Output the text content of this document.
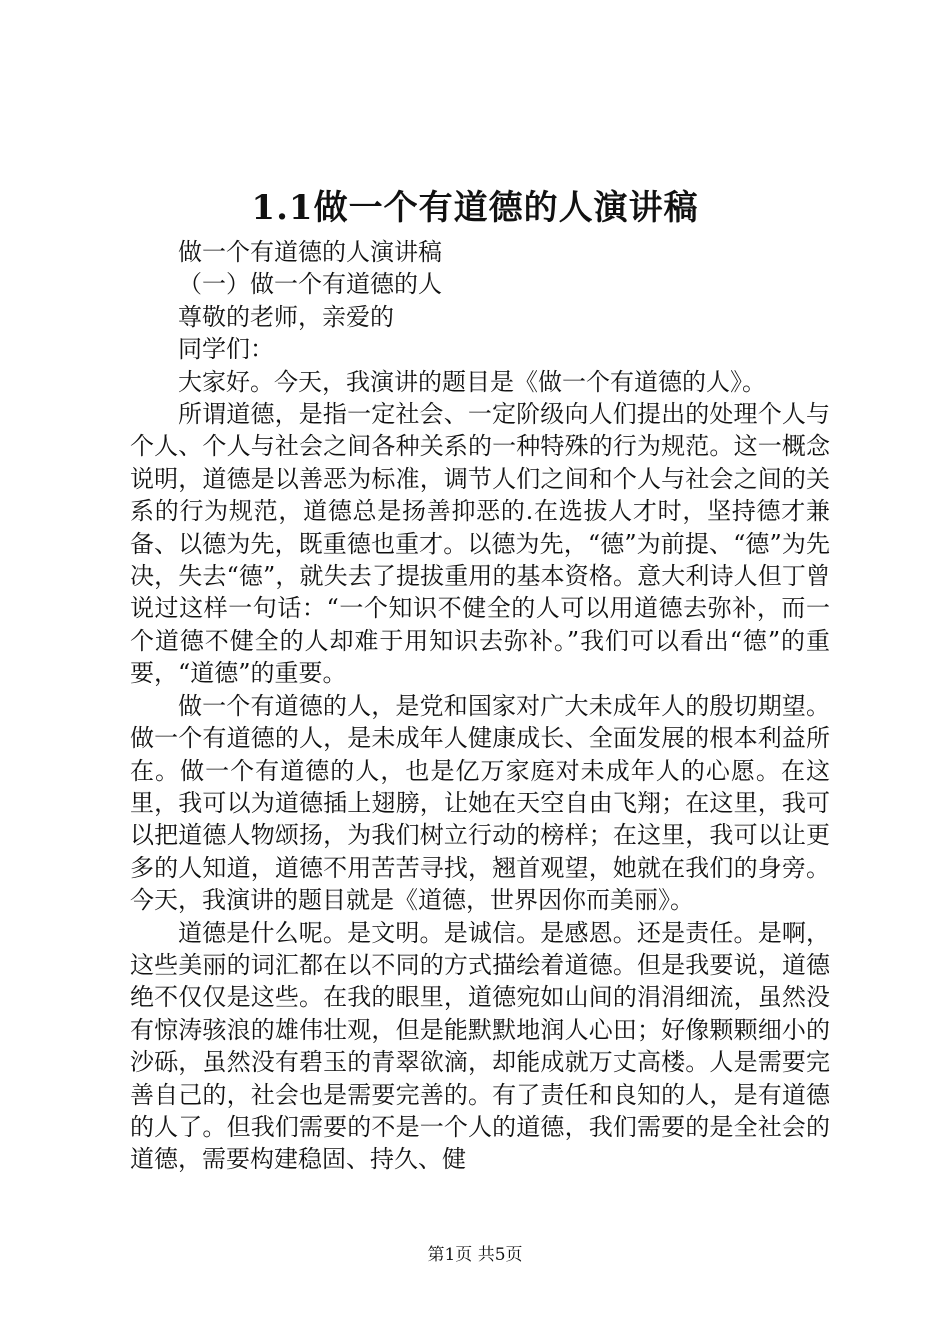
1.1做一个有道德的人演讲稿

做一个有道德的人演讲稿

（一）做一个有道德的人

尊敬的老师，亲爱的

同学们：

大家好。今天，我演讲的题目是《做一个有道德的人》。

所谓道德，是指一定社会、一定阶级向人们提出的处理个人与个人、个人与社会之间各种关系的一种特殊的行为规范。这一概念说明，道德是以善恶为标准，调节人们之间和个人与社会之间的关系的行为规范，道德总是扬善抑恶的.在选拔人才时，坚持德才兼备、以德为先，既重德也重才。以德为先，“德”为前提、“德”为先决，失去“德”，就失去了提拔重用的基本资格。意大利诗人但丁曾说过这样一句话：“一个知识不健全的人可以用道德去弥补，而一个道德不健全的人却难于用知识去弥补。”我们可以看出“德”的重要，“道德”的重要。

做一个有道德的人，是党和国家对广大未成年人的殷切期望。做一个有道德的人，是未成年人健康成长、全面发展的根本利益所在。做一个有道德的人，也是亿万家庭对未成年人的心愿。在这里，我可以为道德插上翅膀，让她在天空自由飞翔；在这里，我可以把道德人物颂扬，为我们树立行动的榜样；在这里，我可以让更多的人知道，道德不用苦苦寻找，翘首观望，她就在我们的身旁。今天，我演讲的题目就是《道德，世界因你而美丽》。

道德是什么呢。是文明。是诚信。是感恩。还是责任。是啊，这些美丽的词汇都在以不同的方式描绘着道德。但是我要说，道德绝不仅仅是这些。在我的眼里，道德宛如山间的涓涓细流，虽然没有惊涛骇浪的雄伟壮观，但是能默默地润人心田；好像颗颗细小的沙砾，虽然没有碧玉的青翠欲滴，却能成就万丈高楼。人是需要完善自己的，社会也是需要完善的。有了责任和良知的人，是有道德的人了。但我们需要的不是一个人的道德，我们需要的是全社会的道德，需要构建稳固、持久、健

第1页 共5页
